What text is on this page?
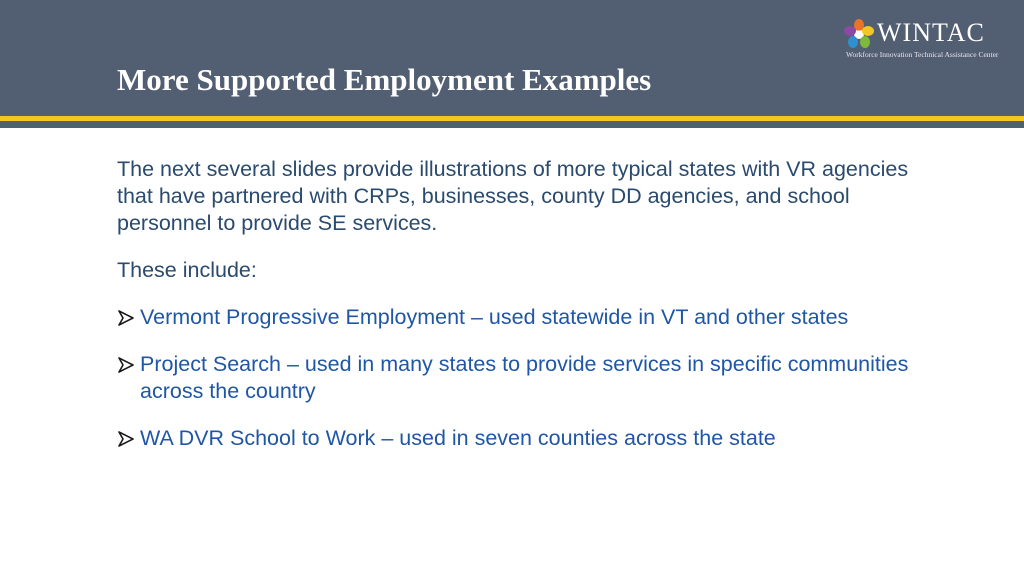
More Supported Employment Examples
WINTAC
Workforce Innovation Technical Assistance Center

The next several slides provide illustrations of more typical states with VR agencies that have partnered with CRPs, businesses, county DD agencies, and school personnel to provide SE services.

These include:

Vermont Progressive Employment – used statewide in VT and other states
Project Search – used in many states to provide services in specific communities across the country
WA DVR School to Work – used in seven counties across the state
